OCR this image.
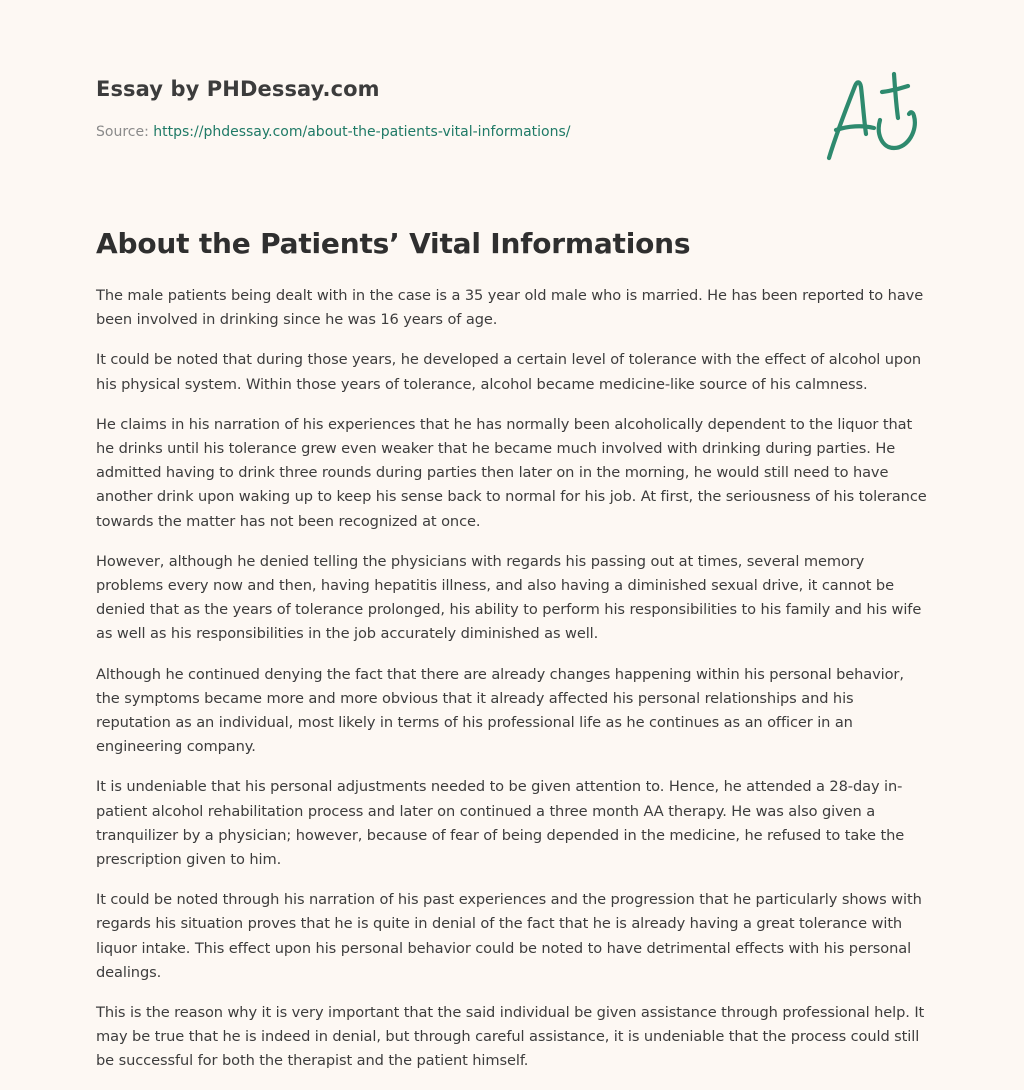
Essay by PHDessay.com
Source: https://phdessay.com/about-the-patients-vital-informations/
About the Patients’ Vital Informations

The male patients being dealt with in the case is a 35 year old male who is married. He has been reported to have been involved in drinking since he was 16 years of age.

It could be noted that during those years, he developed a certain level of tolerance with the effect of alcohol upon his physical system. Within those years of tolerance, alcohol became medicine-like source of his calmness.

He claims in his narration of his experiences that he has normally been alcoholically dependent to the liquor that he drinks until his tolerance grew even weaker that he became much involved with drinking during parties. He admitted having to drink three rounds during parties then later on in the morning, he would still need to have another drink upon waking up to keep his sense back to normal for his job. At first, the seriousness of his tolerance towards the matter has not been recognized at once.

However, although he denied telling the physicians with regards his passing out at times, several memory problems every now and then, having hepatitis illness, and also having a diminished sexual drive, it cannot be denied that as the years of tolerance prolonged, his ability to perform his responsibilities to his family and his wife as well as his responsibilities in the job accurately diminished as well.

Although he continued denying the fact that there are already changes happening within his personal behavior, the symptoms became more and more obvious that it already affected his personal relationships and his reputation as an individual, most likely in terms of his professional life as he continues as an officer in an engineering company.

It is undeniable that his personal adjustments needed to be given attention to. Hence, he attended a 28-day in-patient alcohol rehabilitation process and later on continued a three month AA therapy. He was also given a tranquilizer by a physician; however, because of fear of being depended in the medicine, he refused to take the prescription given to him.

It could be noted through his narration of his past experiences and the progression that he particularly shows with regards his situation proves that he is quite in denial of the fact that he is already having a great tolerance with liquor intake. This effect upon his personal behavior could be noted to have detrimental effects with his personal dealings.

This is the reason why it is very important that the said individual be given assistance through professional help. It may be true that he is indeed in denial, but through careful assistance, it is undeniable that the process could still be successful for both the therapist and the patient himself.
